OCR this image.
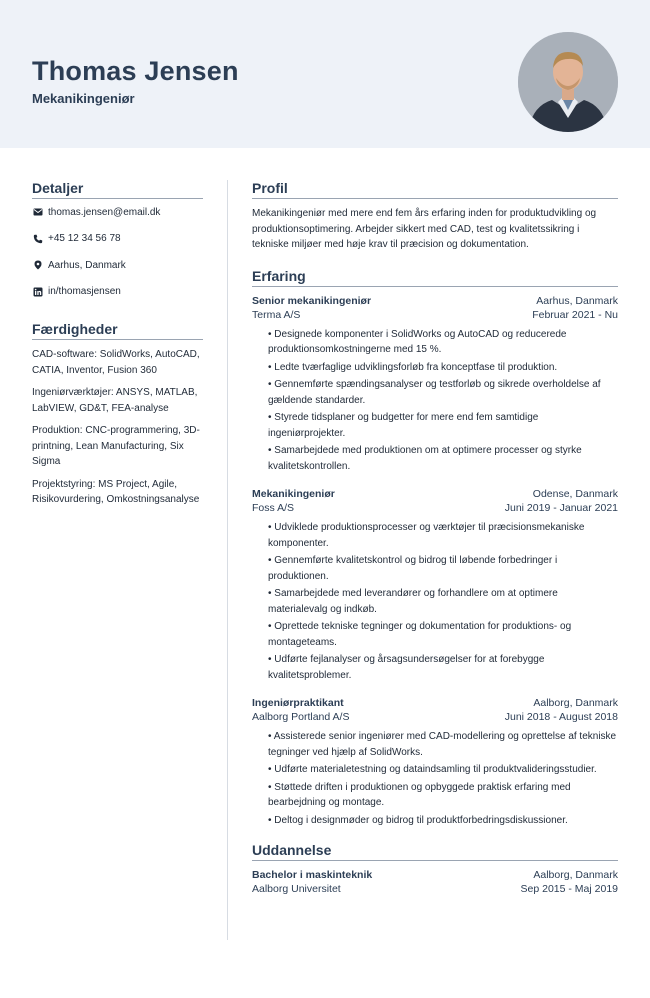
Thomas Jensen
Mekanikingeniør
Detaljer
thomas.jensen@email.dk
+45 12 34 56 78
Aarhus, Danmark
in/thomasjensen
Færdigheder
CAD-software: SolidWorks, AutoCAD, CATIA, Inventor, Fusion 360
Ingeniørværktøjer: ANSYS, MATLAB, LabVIEW, GD&T, FEA-analyse
Produktion: CNC-programmering, 3D-printning, Lean Manufacturing, Six Sigma
Projektstyring: MS Project, Agile, Risikovurdering, Omkostningsanalyse
Profil
Mekanikingeniør med mere end fem års erfaring inden for produktudvikling og produktionsoptimering. Arbejder sikkert med CAD, test og kvalitetssikring i tekniske miljøer med høje krav til præcision og dokumentation.
Erfaring
Senior mekanikingeniør	Aarhus, Danmark
Terma A/S	Februar 2021 - Nu
• Designede komponenter i SolidWorks og AutoCAD og reducerede produktionsomkostningerne med 15 %.
• Ledte tværfaglige udviklingsforløb fra konceptfase til produktion.
• Gennemførte spændingsanalyser og testforløb og sikrede overholdelse af gældende standarder.
• Styrede tidsplaner og budgetter for mere end fem samtidige ingeniørprojekter.
• Samarbejdede med produktionen om at optimere processer og styrke kvalitetskontrollen.
Mekanikingeniør	Odense, Danmark
Foss A/S	Juni 2019 - Januar 2021
• Udviklede produktionsprocesser og værktøjer til præcisionsmekaniske komponenter.
• Gennemførte kvalitetskontrol og bidrog til løbende forbedringer i produktionen.
• Samarbejdede med leverandører og forhandlere om at optimere materialevalg og indkøb.
• Oprettede tekniske tegninger og dokumentation for produktions- og montageteams.
• Udførte fejlanalyser og årsagsundersøgelser for at forebygge kvalitetsproblemer.
Ingeniørpraktikant	Aalborg, Danmark
Aalborg Portland A/S	Juni 2018 - August 2018
• Assisterede senior ingeniører med CAD-modellering og oprettelse af tekniske tegninger ved hjælp af SolidWorks.
• Udførte materialetestning og dataindsamling til produktvalideringsstudier.
• Støttede driften i produktionen og opbyggede praktisk erfaring med bearbejdning og montage.
• Deltog i designmøder og bidrog til produktforbedringsdiskussioner.
Uddannelse
Bachelor i maskinteknik	Aalborg, Danmark
Aalborg Universitet	Sep 2015 - Maj 2019
